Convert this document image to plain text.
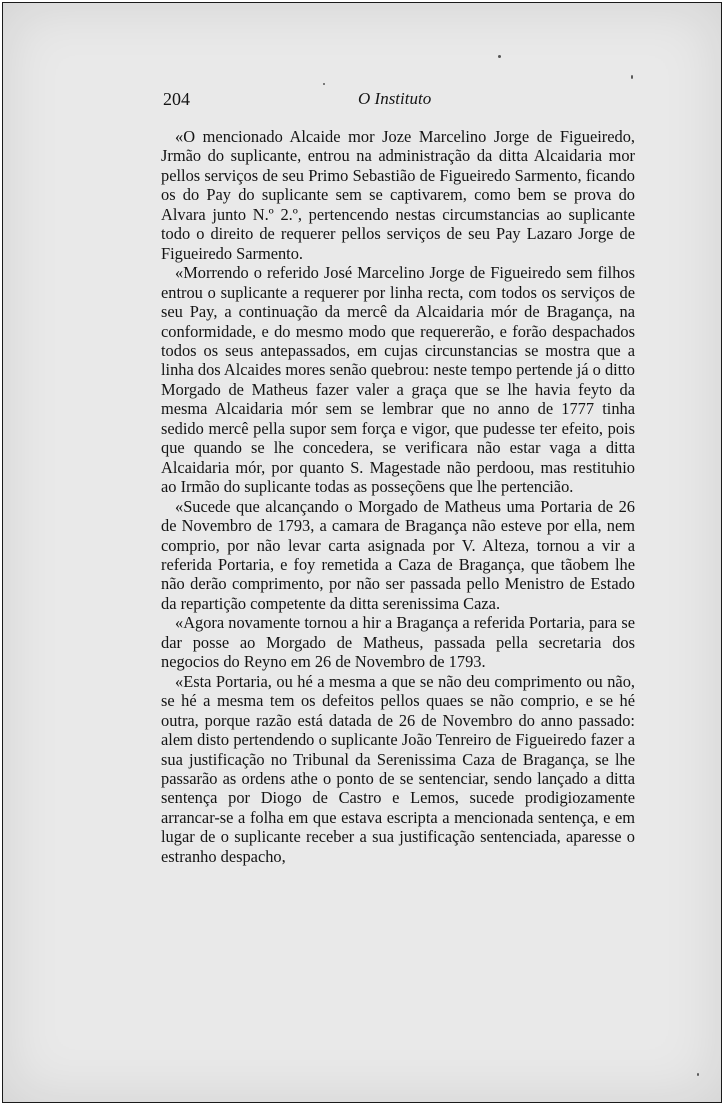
204	O Instituto

«O mencionado Alcaide mor Joze Marcelino Jorge de Figueiredo, Jrmão do suplicante, entrou na administração da ditta Alcaidaria mor pellos serviços de seu Primo Sebastião de Figueiredo Sarmento, ficando os do Pay do suplicante sem se captivarem, como bem se prova do Alvara junto N.º 2.º, pertencendo nestas circumstancias ao suplicante todo o direito de requerer pellos serviços de seu Pay Lazaro Jorge de Figueiredo Sarmento.

«Morrendo o referido José Marcelino Jorge de Figueiredo sem filhos entrou o suplicante a requerer por linha recta, com todos os serviços de seu Pay, a continuação da mercê da Alcaidaria mór de Bragança, na conformidade, e do mesmo modo que requererão, e forão despachados todos os seus antepassados, em cujas circunstancias se mostra que a linha dos Alcaides mores senão quebrou: neste tempo pertende já o ditto Morgado de Matheus fazer valer a graça que se lhe havia feyto da mesma Alcaidaria mór sem se lembrar que no anno de 1777 tinha sedido mercê pella supor sem força e vigor, que pudesse ter efeito, pois que quando se lhe concedera, se verificara não estar vaga a ditta Alcaidaria mór, por quanto S. Magestade não perdoou, mas restituhio ao Irmão do suplicante todas as posseçõens que lhe pertencião.

«Sucede que alcançando o Morgado de Matheus uma Portaria de 26 de Novembro de 1793, a camara de Bragança não esteve por ella, nem comprio, por não levar carta asignada por V. Alteza, tornou a vir a referida Portaria, e foy remetida a Caza de Bragança, que tãobem lhe não derão comprimento, por não ser passada pello Menistro de Estado da repartição competente da ditta serenissima Caza.

«Agora novamente tornou a hir a Bragança a referida Portaria, para se dar posse ao Morgado de Matheus, passada pella secretaria dos negocios do Reyno em 26 de Novembro de 1793.

«Esta Portaria, ou hé a mesma a que se não deu comprimento ou não, se hé a mesma tem os defeitos pellos quaes se não comprio, e se hé outra, porque razão está datada de 26 de Novembro do anno passado: alem disto pertendendo o suplicante João Tenreiro de Figueiredo fazer a sua justificação no Tribunal da Serenissima Caza de Bragança, se lhe passarão as ordens athe o ponto de se sentenciar, sendo lançado a ditta sentença por Diogo de Castro e Lemos, sucede prodigiozamente arrancar-se a folha em que estava escripta a mencionada sentença, e em lugar de o suplicante receber a sua justificação sentenciada, aparesse o estranho despacho,
